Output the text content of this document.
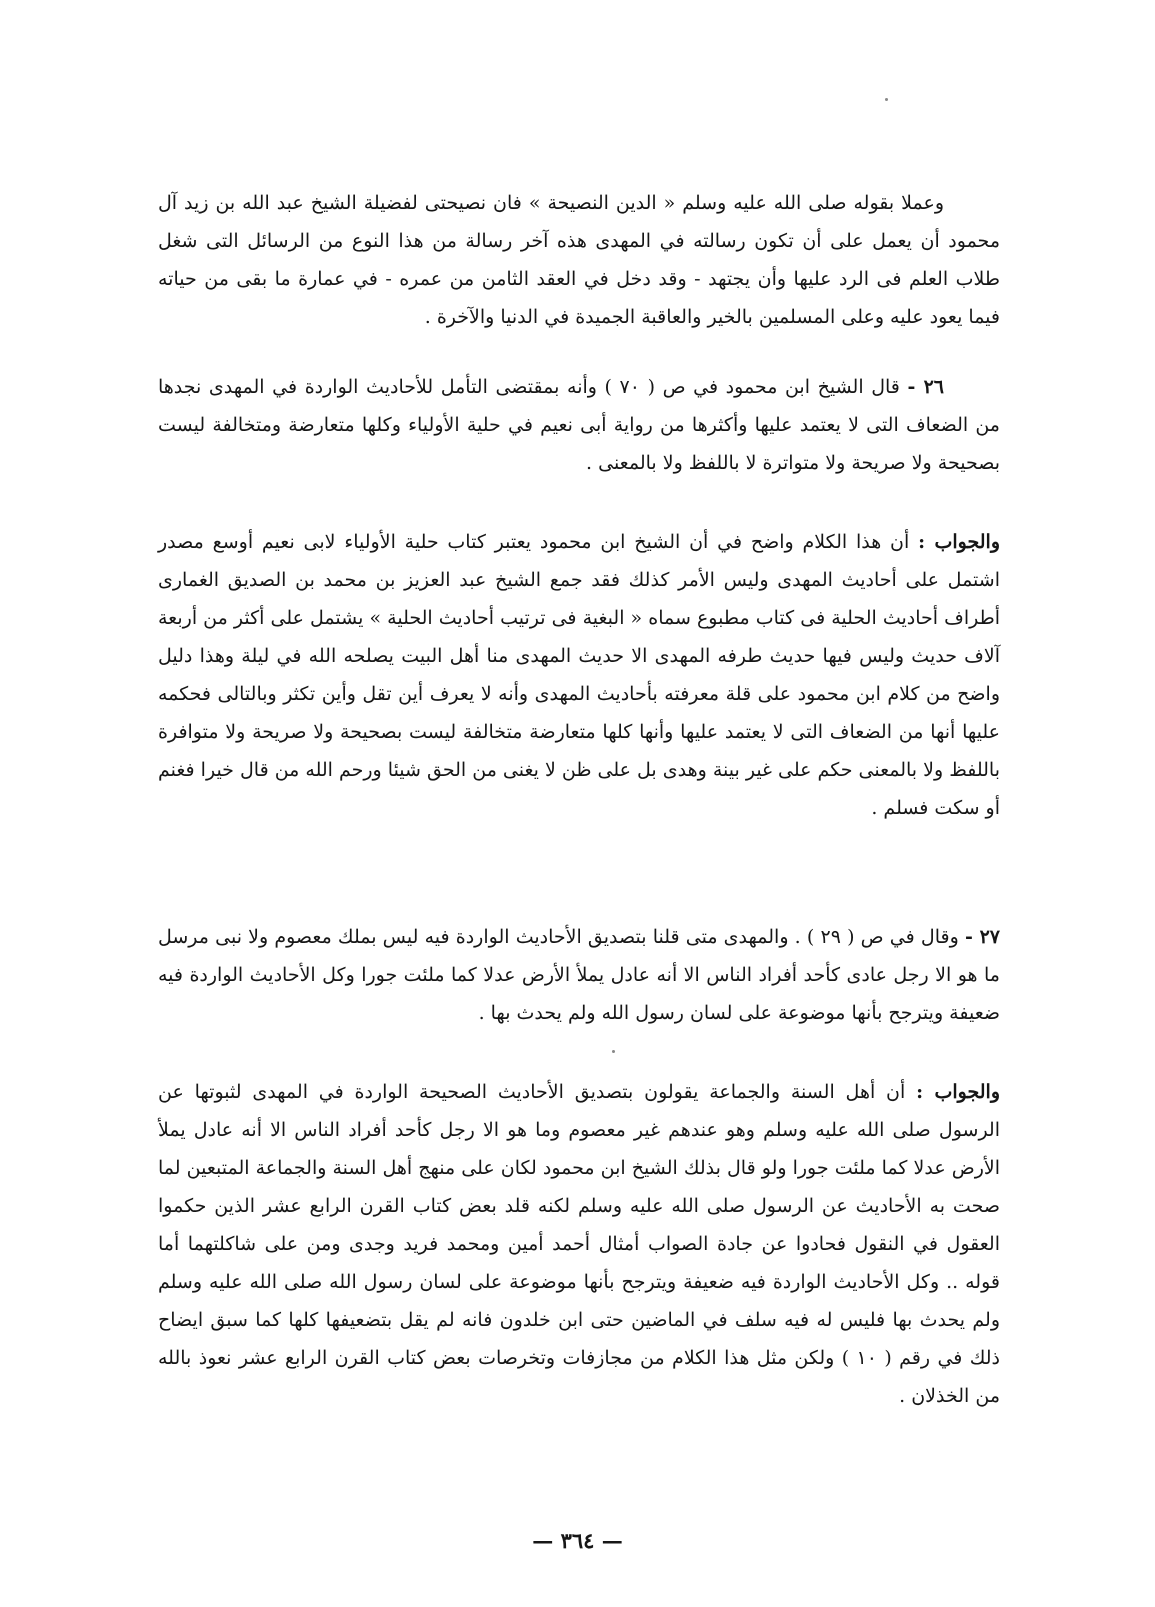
وعملا بقوله صلى الله عليه وسلم « الدين النصيحة » فان نصيحتى لفضيلة الشيخ عبد الله بن زيد آل محمود أن يعمل على أن تكون رسالته في المهدى هذه آخر رسالة من هذا النوع من الرسائل التى شغل طلاب العلم فى الرد عليها وأن يجتهد - وقد دخل في العقد الثامن من عمره - في عمارة ما بقى من حياته فيما يعود عليه وعلى المسلمين بالخير والعاقبة الجميدة في الدنيا والآخرة .

٢٦ - قال الشيخ ابن محمود في ص ( ٧٠ ) وأنه بمقتضى التأمل للأحاديث الواردة في المهدى نجدها من الضعاف التى لا يعتمد عليها وأكثرها من رواية أبى نعيم في حلية الأولياء وكلها متعارضة ومتخالفة ليست بصحيحة ولا صريحة ولا متواترة لا باللفظ ولا بالمعنى .

والجواب : أن هذا الكلام واضح في أن الشيخ ابن محمود يعتبر كتاب حلية الأولياء لابى نعيم أوسع مصدر اشتمل على أحاديث المهدى وليس الأمر كذلك فقد جمع الشيخ عبد العزيز بن محمد بن الصديق الغمارى أطراف أحاديث الحلية فى كتاب مطبوع سماه « البغية فى ترتيب أحاديث الحلية » يشتمل على أكثر من أربعة آلاف حديث وليس فيها حديث طرفه المهدى الا حديث المهدى منا أهل البيت يصلحه الله في ليلة وهذا دليل واضح من كلام ابن محمود على قلة معرفته بأحاديث المهدى وأنه لا يعرف أين تقل وأين تكثر وبالتالى فحكمه عليها أنها من الضعاف التى لا يعتمد عليها وأنها كلها متعارضة متخالفة ليست بصحيحة ولا صريحة ولا متوافرة باللفظ ولا بالمعنى حكم على غير بينة وهدى بل على ظن لا يغنى من الحق شيئا ورحم الله من قال خيرا فغنم أو سكت فسلم .

٢٧ - وقال في ص ( ٢٩ ) . والمهدى متى قلنا بتصديق الأحاديث الواردة فيه ليس بملك معصوم ولا نبى مرسل ما هو الا رجل عادى كأحد أفراد الناس الا أنه عادل يملأ الأرض عدلا كما ملئت جورا وكل الأحاديث الواردة فيه ضعيفة ويترجح بأنها موضوعة على لسان رسول الله ولم يحدث بها .

والجواب : أن أهل السنة والجماعة يقولون بتصديق الأحاديث الصحيحة الواردة في المهدى لثبوتها عن الرسول صلى الله عليه وسلم وهو عندهم غير معصوم وما هو الا رجل كأحد أفراد الناس الا أنه عادل يملأ الأرض عدلا كما ملئت جورا ولو قال بذلك الشيخ ابن محمود لكان على منهج أهل السنة والجماعة المتبعين لما صحت به الأحاديث عن الرسول صلى الله عليه وسلم لكنه قلد بعض كتاب القرن الرابع عشر الذين حكموا العقول في النقول فحادوا عن جادة الصواب أمثال أحمد أمين ومحمد فريد وجدى ومن على شاكلتهما أما قوله .. وكل الأحاديث الواردة فيه ضعيفة ويترجح بأنها موضوعة على لسان رسول الله صلى الله عليه وسلم ولم يحدث بها فليس له فيه سلف في الماضين حتى ابن خلدون فانه لم يقل بتضعيفها كلها كما سبق ايضاح ذلك في رقم ( ١٠ ) ولكن مثل هذا الكلام من مجازفات وتخرصات بعض كتاب القرن الرابع عشر نعوذ بالله من الخذلان .

— ٣٦٤ —
